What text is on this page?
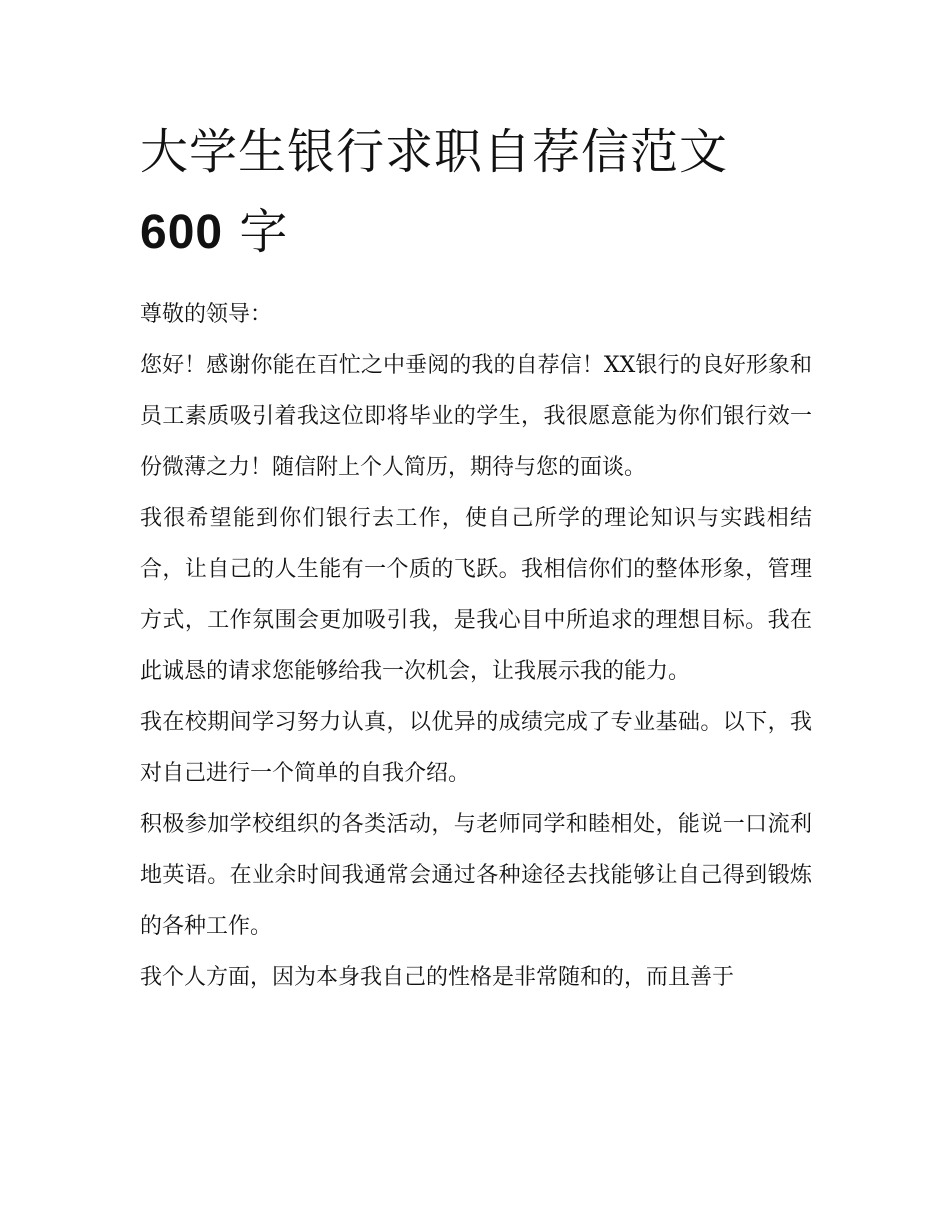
大学生银行求职自荐信范文
600 字

尊敬的领导：

您好！感谢你能在百忙之中垂阅的我的自荐信！XX银行的良好形象和员工素质吸引着我这位即将毕业的学生，我很愿意能为你们银行效一份微薄之力！随信附上个人简历，期待与您的面谈。

我很希望能到你们银行去工作，使自己所学的理论知识与实践相结合，让自己的人生能有一个质的飞跃。我相信你们的整体形象，管理方式，工作氛围会更加吸引我，是我心目中所追求的理想目标。我在此诚恳的请求您能够给我一次机会，让我展示我的能力。

我在校期间学习努力认真，以优异的成绩完成了专业基础。以下，我对自己进行一个简单的自我介绍。

积极参加学校组织的各类活动，与老师同学和睦相处，能说一口流利地英语。在业余时间我通常会通过各种途径去找能够让自己得到锻炼的各种工作。

我个人方面，因为本身我自己的性格是非常随和的，而且善于
